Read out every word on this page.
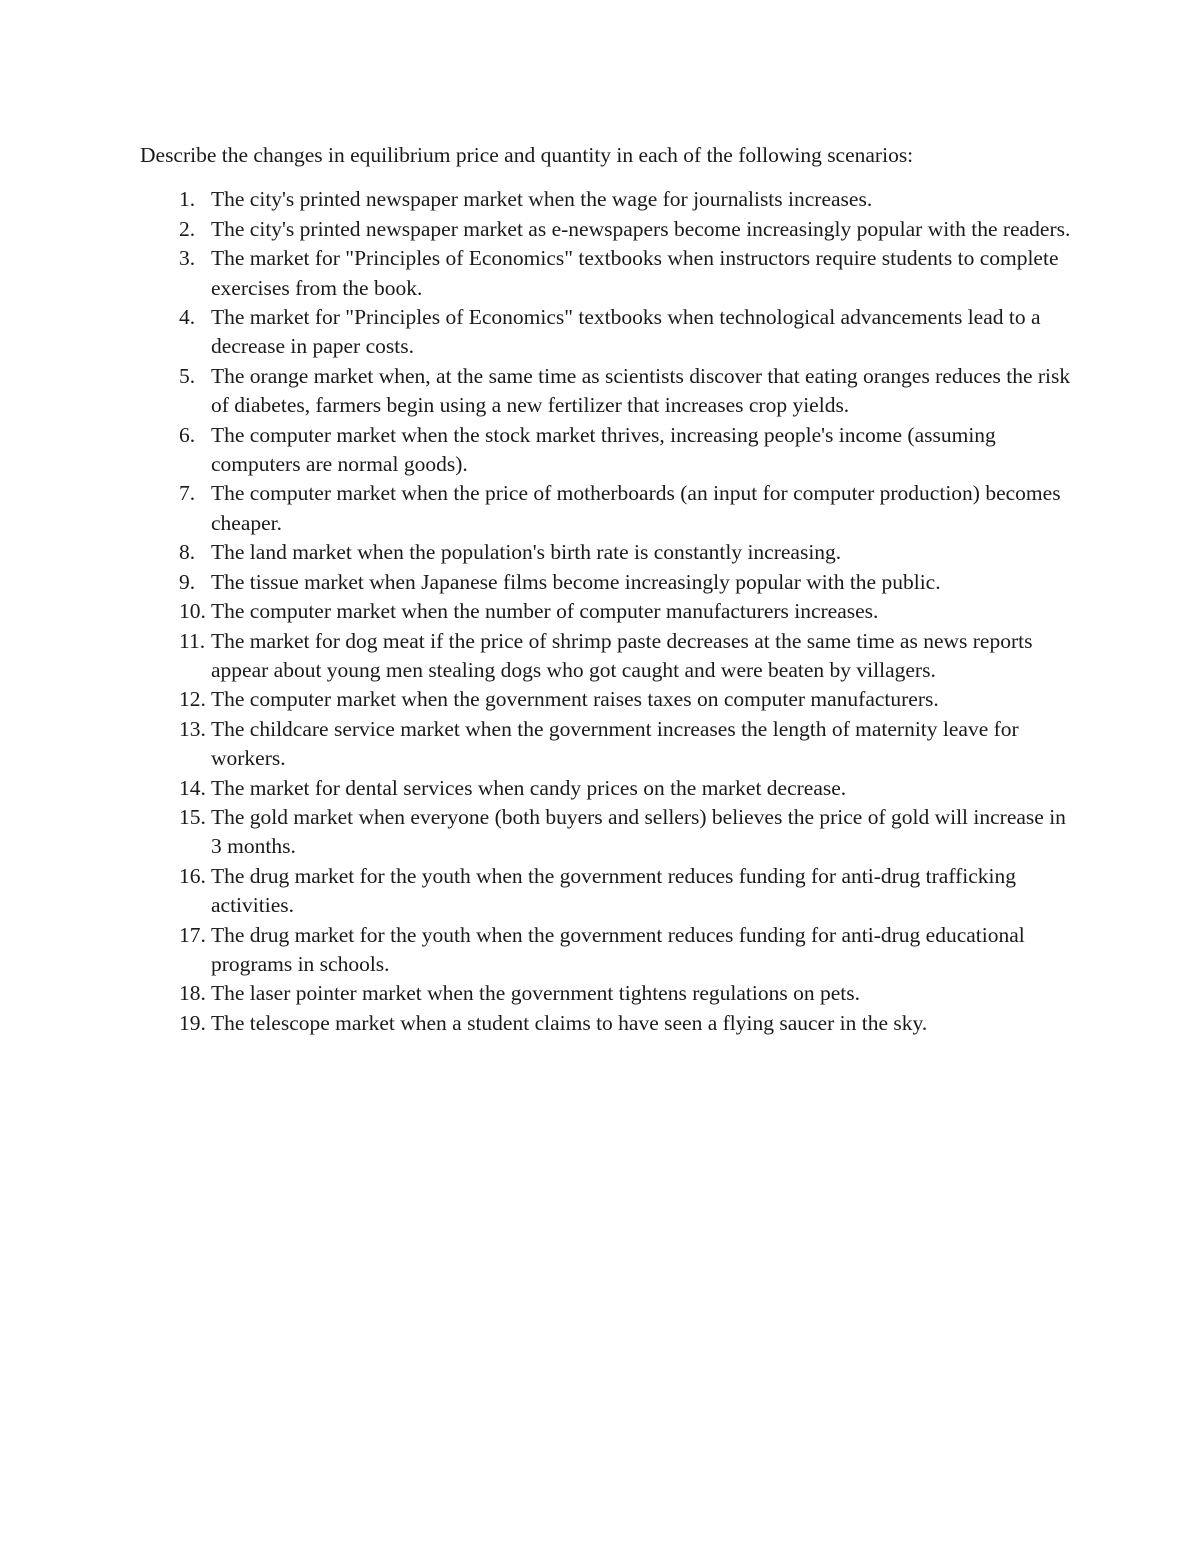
Describe the changes in equilibrium price and quantity in each of the following scenarios:

1. The city's printed newspaper market when the wage for journalists increases.
2. The city's printed newspaper market as e-newspapers become increasingly popular with the readers.
3. The market for "Principles of Economics" textbooks when instructors require students to complete exercises from the book.
4. The market for "Principles of Economics" textbooks when technological advancements lead to a decrease in paper costs.
5. The orange market when, at the same time as scientists discover that eating oranges reduces the risk of diabetes, farmers begin using a new fertilizer that increases crop yields.
6. The computer market when the stock market thrives, increasing people's income (assuming computers are normal goods).
7. The computer market when the price of motherboards (an input for computer production) becomes cheaper.
8. The land market when the population's birth rate is constantly increasing.
9. The tissue market when Japanese films become increasingly popular with the public.
10. The computer market when the number of computer manufacturers increases.
11. The market for dog meat if the price of shrimp paste decreases at the same time as news reports appear about young men stealing dogs who got caught and were beaten by villagers.
12. The computer market when the government raises taxes on computer manufacturers.
13. The childcare service market when the government increases the length of maternity leave for workers.
14. The market for dental services when candy prices on the market decrease.
15. The gold market when everyone (both buyers and sellers) believes the price of gold will increase in 3 months.
16. The drug market for the youth when the government reduces funding for anti-drug trafficking activities.
17. The drug market for the youth when the government reduces funding for anti-drug educational programs in schools.
18. The laser pointer market when the government tightens regulations on pets.
19. The telescope market when a student claims to have seen a flying saucer in the sky.
